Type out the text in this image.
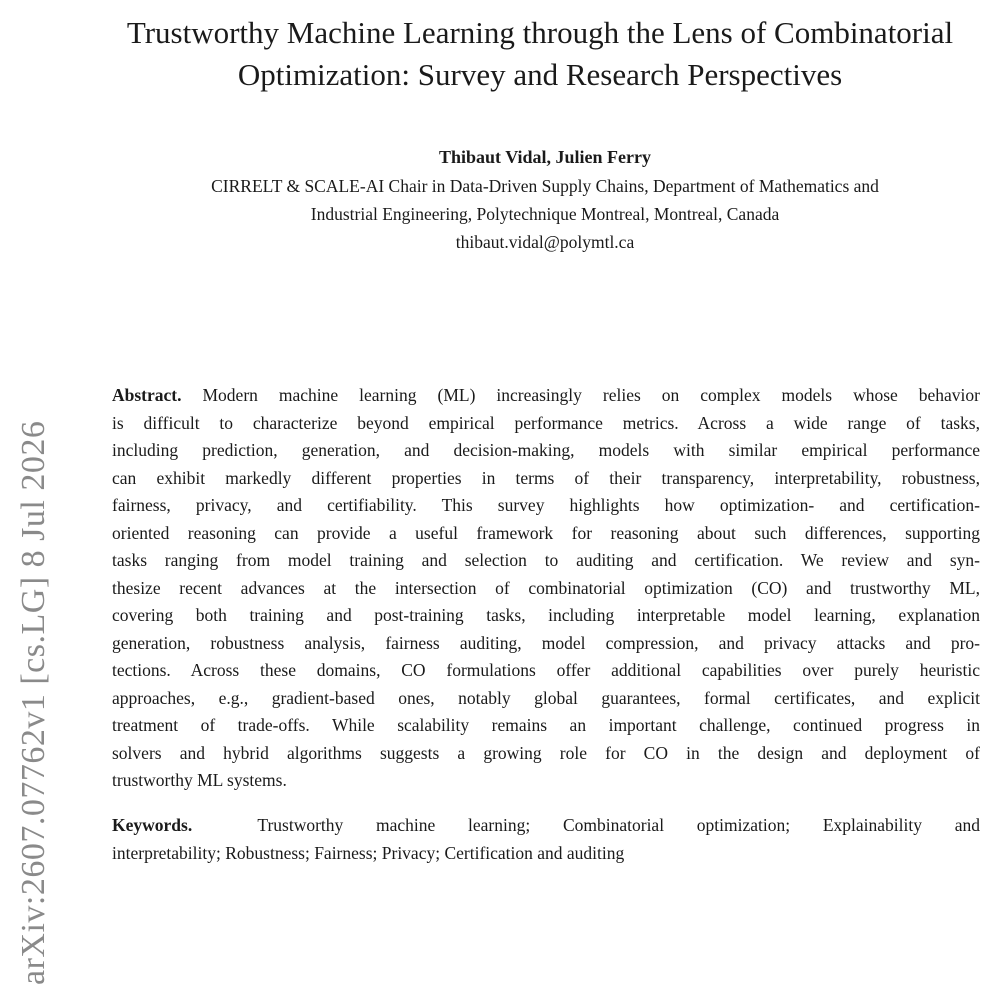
arXiv:2607.07762v1 [cs.LG] 8 Jul 2026
Trustworthy Machine Learning through the Lens of Combinatorial
Optimization: Survey and Research Perspectives
Thibaut Vidal, Julien Ferry
CIRRELT & SCALE-AI Chair in Data-Driven Supply Chains, Department of Mathematics and
Industrial Engineering, Polytechnique Montreal, Montreal, Canada
thibaut.vidal@polymtl.ca
Abstract. Modern machine learning (ML) increasingly relies on complex models whose behavior
is difficult to characterize beyond empirical performance metrics. Across a wide range of tasks,
including prediction, generation, and decision-making, models with similar empirical performance
can exhibit markedly different properties in terms of their transparency, interpretability, robustness,
fairness, privacy, and certifiability. This survey highlights how optimization- and certification-
oriented reasoning can provide a useful framework for reasoning about such differences, supporting
tasks ranging from model training and selection to auditing and certification. We review and syn-
thesize recent advances at the intersection of combinatorial optimization (CO) and trustworthy ML,
covering both training and post-training tasks, including interpretable model learning, explanation
generation, robustness analysis, fairness auditing, model compression, and privacy attacks and pro-
tections. Across these domains, CO formulations offer additional capabilities over purely heuristic
approaches, e.g., gradient-based ones, notably global guarantees, formal certificates, and explicit
treatment of trade-offs. While scalability remains an important challenge, continued progress in
solvers and hybrid algorithms suggests a growing role for CO in the design and deployment of
trustworthy ML systems.
Keywords.	Trustworthy machine learning; Combinatorial optimization; Explainability and
interpretability; Robustness; Fairness; Privacy; Certification and auditing
